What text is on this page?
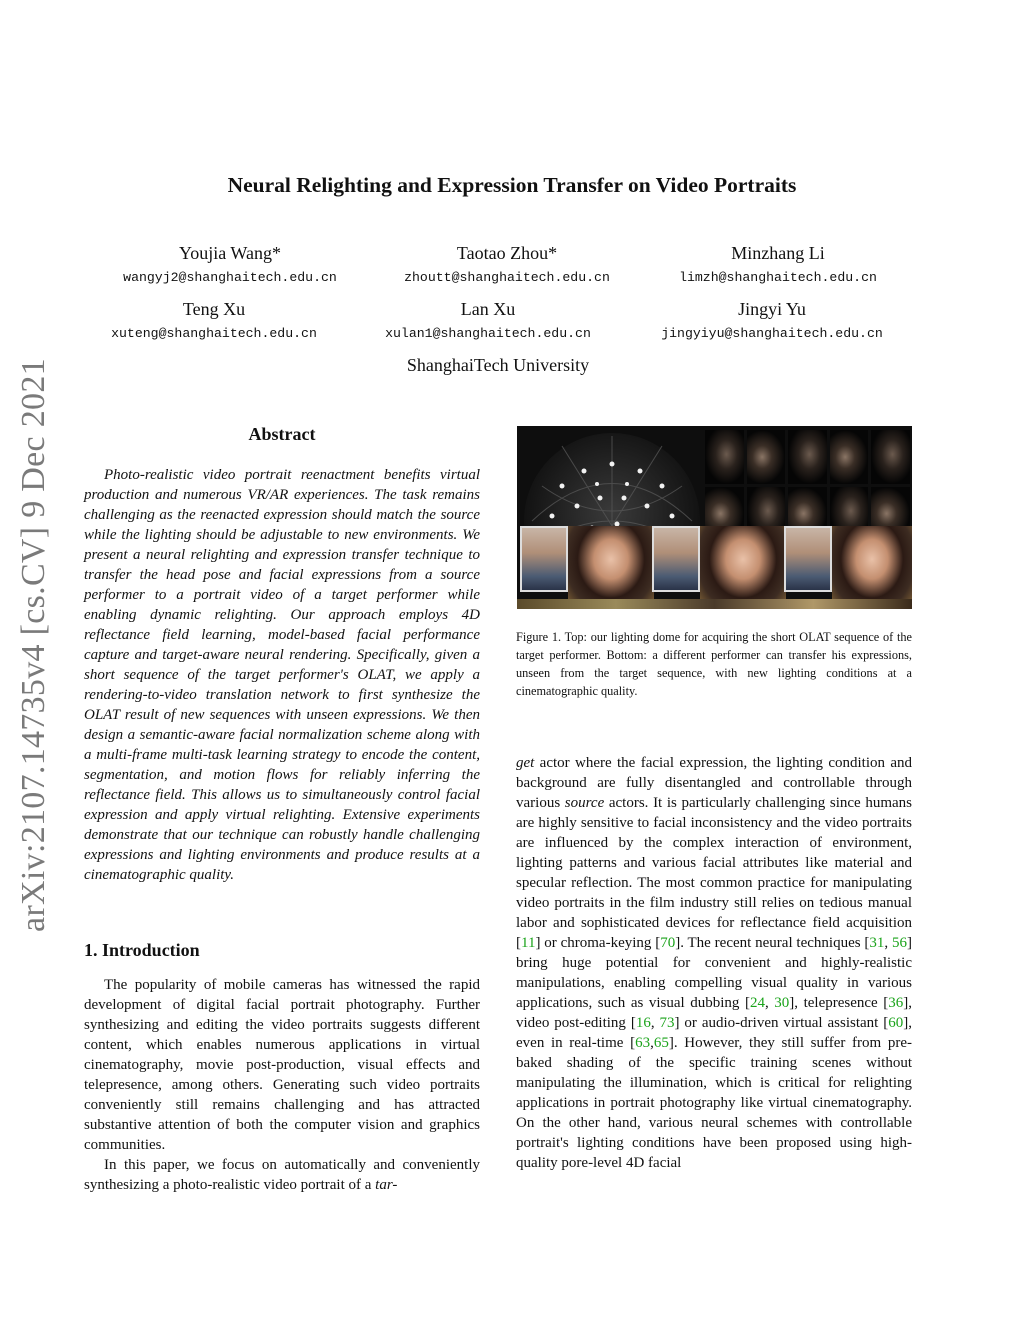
arXiv:2107.14735v4 [cs.CV] 9 Dec 2021
Neural Relighting and Expression Transfer on Video Portraits
Youjia Wang*
wangyj2@shanghaitech.edu.cn
Taotao Zhou*
zhoutt@shanghaitech.edu.cn
Minzhang Li
limzh@shanghaitech.edu.cn
Teng Xu
xuteng@shanghaitech.edu.cn
Lan Xu
xulan1@shanghaitech.edu.cn
Jingyi Yu
jingyiyu@shanghaitech.edu.cn
ShanghaiTech University
Abstract

Photo-realistic video portrait reenactment benefits virtual production and numerous VR/AR experiences. The task remains challenging as the reenacted expression should match the source while the lighting should be adjustable to new environments. We present a neural relighting and expression transfer technique to transfer the head pose and facial expressions from a source performer to a portrait video of a target performer while enabling dynamic relighting. Our approach employs 4D reflectance field learning, model-based facial performance capture and target-aware neural rendering. Specifically, given a short sequence of the target performer's OLAT, we apply a rendering-to-video translation network to first synthesize the OLAT result of new sequences with unseen expressions. We then design a semantic-aware facial normalization scheme along with a multi-frame multi-task learning strategy to encode the content, segmentation, and motion flows for reliably inferring the reflectance field. This allows us to simultaneously control facial expression and apply virtual relighting. Extensive experiments demonstrate that our technique can robustly handle challenging expressions and lighting environments and produce results at a cinematographic quality.

Figure 1. Top: our lighting dome for acquiring the short OLAT sequence of the target performer. Bottom: a different performer can transfer his expressions, unseen from the target sequence, with new lighting conditions at a cinematographic quality.

1. Introduction

The popularity of mobile cameras has witnessed the rapid development of digital facial portrait photography. Further synthesizing and editing the video portraits suggests different content, which enables numerous applications in virtual cinematography, movie post-production, visual effects and telepresence, among others. Generating such video portraits conveniently still remains challenging and has attracted substantive attention of both the computer vision and graphics communities.

In this paper, we focus on automatically and conveniently synthesizing a photo-realistic video portrait of a tar-

get actor where the facial expression, the lighting condition and background are fully disentangled and controllable through various source actors. It is particularly challenging since humans are highly sensitive to facial inconsistency and the video portraits are influenced by the complex interaction of environment, lighting patterns and various facial attributes like material and specular reflection. The most common practice for manipulating video portraits in the film industry still relies on tedious manual labor and sophisticated devices for reflectance field acquisition [11] or chroma-keying [70]. The recent neural techniques [31, 56] bring huge potential for convenient and highly-realistic manipulations, enabling compelling visual quality in various applications, such as visual dubbing [24, 30], telepresence [36], video post-editing [16, 73] or audio-driven virtual assistant [60], even in real-time [63,65]. However, they still suffer from pre-baked shading of the specific training scenes without manipulating the illumination, which is critical for relighting applications in portrait photography like virtual cinematography. On the other hand, various neural schemes with controllable portrait's lighting conditions have been proposed using high-quality pore-level 4D facial
